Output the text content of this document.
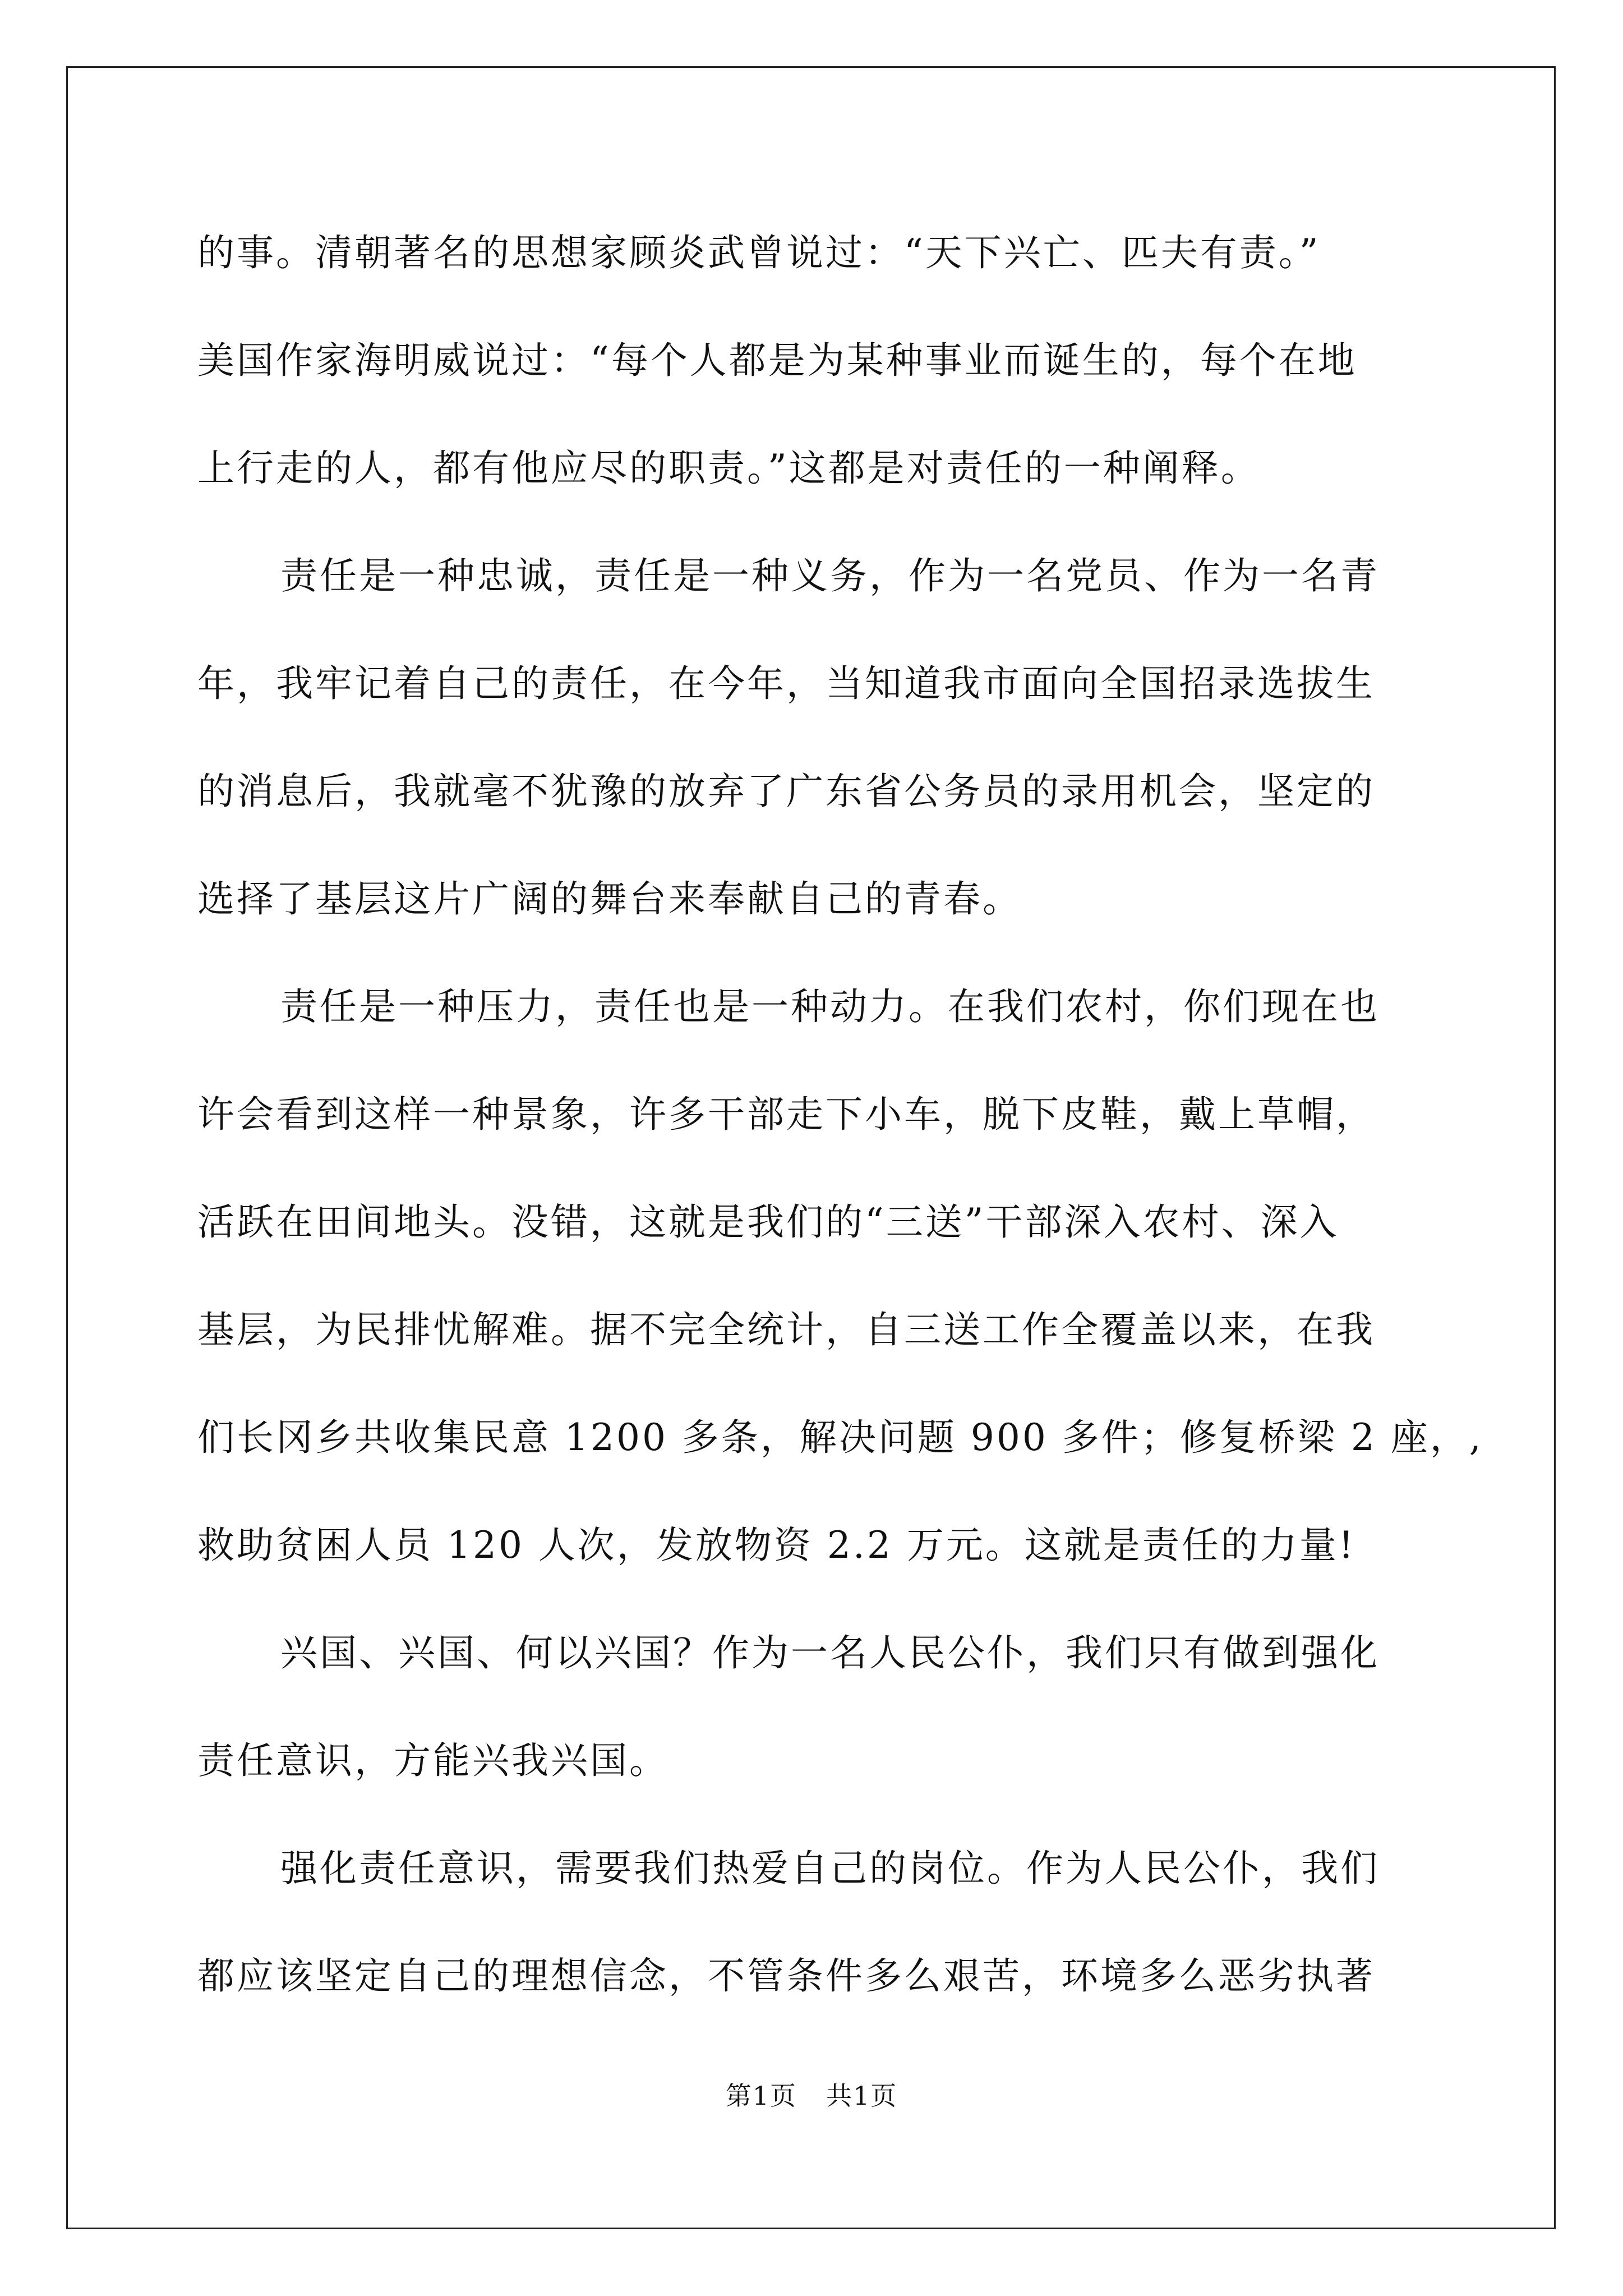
的事。清朝著名的思想家顾炎武曾说过：“天下兴亡、匹夫有责。”
美国作家海明威说过：“每个人都是为某种事业而诞生的，每个在地
上行走的人，都有他应尽的职责。”这都是对责任的一种阐释。
责任是一种忠诚，责任是一种义务，作为一名党员、作为一名青
年，我牢记着自己的责任，在今年，当知道我市面向全国招录选拔生
的消息后，我就毫不犹豫的放弃了广东省公务员的录用机会，坚定的
选择了基层这片广阔的舞台来奉献自己的青春。
责任是一种压力，责任也是一种动力。在我们农村，你们现在也
许会看到这样一种景象，许多干部走下小车，脱下皮鞋，戴上草帽，
活跃在田间地头。没错，这就是我们的“三送”干部深入农村、深入
基层，为民排忧解难。据不完全统计，自三送工作全覆盖以来，在我
们长冈乡共收集民意 1200 多条，解决问题 900 多件；修复桥梁 2 座，,
救助贫困人员 120 人次，发放物资 2.2 万元。这就是责任的力量!
兴国、兴国、何以兴国？作为一名人民公仆，我们只有做到强化
责任意识，方能兴我兴国。
强化责任意识，需要我们热爱自己的岗位。作为人民公仆，我们
都应该坚定自己的理想信念，不管条件多么艰苦，环境多么恶劣执著
第1页 共1页
